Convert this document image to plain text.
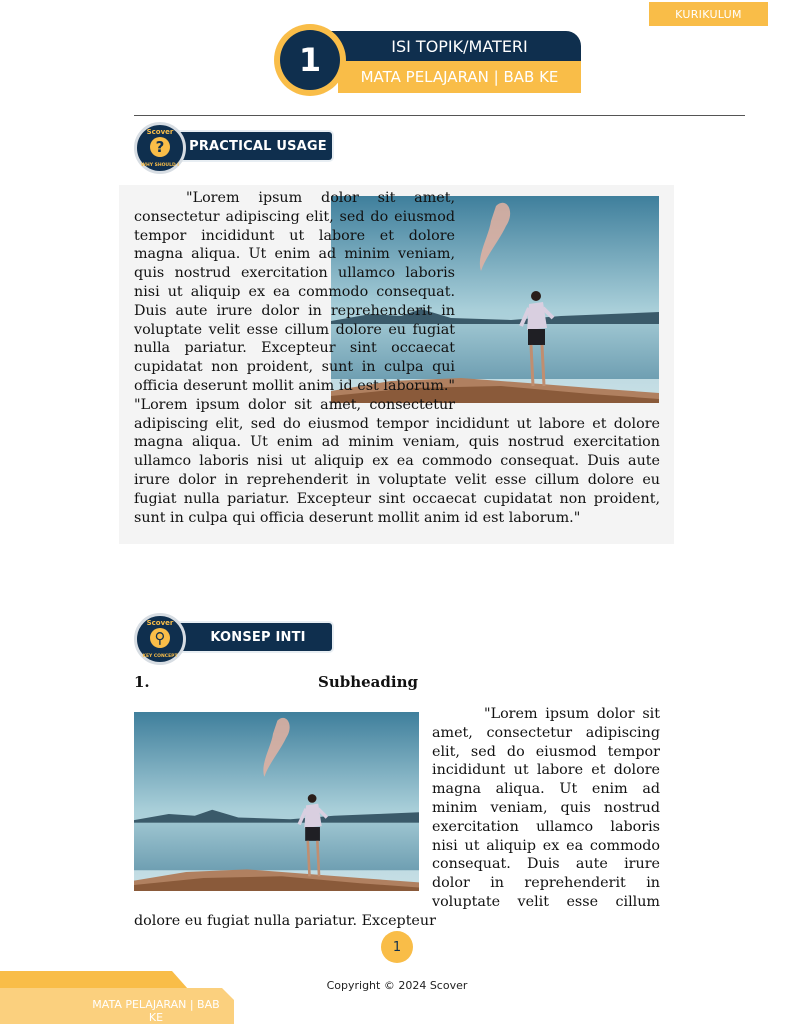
KURIKULUM
ISI TOPIK/MATERI
MATA PELAJARAN | BAB KE
1
PRACTICAL USAGE
Scover
?
WHY SHOULD I
"Lorem ipsum dolor sit amet, consectetur adipiscing elit, sed do eiusmod tempor incididunt ut labore et dolore magna aliqua. Ut enim ad minim veniam, quis nostrud exercitation ullamco laboris nisi ut aliquip ex ea commodo consequat. Duis aute irure dolor in reprehenderit in voluptate velit esse cillum dolore eu fugiat nulla pariatur. Excepteur sint occaecat cupidatat non proident, sunt in culpa qui officia deserunt mollit anim id est laborum." "Lorem ipsum dolor sit amet, consectetur adipiscing elit, sed do eiusmod tempor incididunt ut labore et dolore magna aliqua. Ut enim ad minim veniam, quis nostrud exercitation ullamco laboris nisi ut aliquip ex ea commodo consequat. Duis aute irure dolor in reprehenderit in voluptate velit esse cillum dolore eu fugiat nulla pariatur. Excepteur sint occaecat cupidatat non proident, sunt in culpa qui officia deserunt mollit anim id est laborum."
KONSEP INTI
Scover
⚲
KEY CONCEPT
1.	Subheading
"Lorem ipsum dolor sit amet, consectetur adipiscing elit, sed do eiusmod tempor incididunt ut labore et dolore magna aliqua. Ut enim ad minim veniam, quis nostrud exercitation ullamco laboris nisi ut aliquip ex ea commodo consequat. Duis aute irure dolor in reprehenderit in voluptate velit esse cillum dolore eu fugiat nulla pariatur. Excepteur
1
Copyright © 2024 Scover
MATA PELAJARAN | BAB KE
